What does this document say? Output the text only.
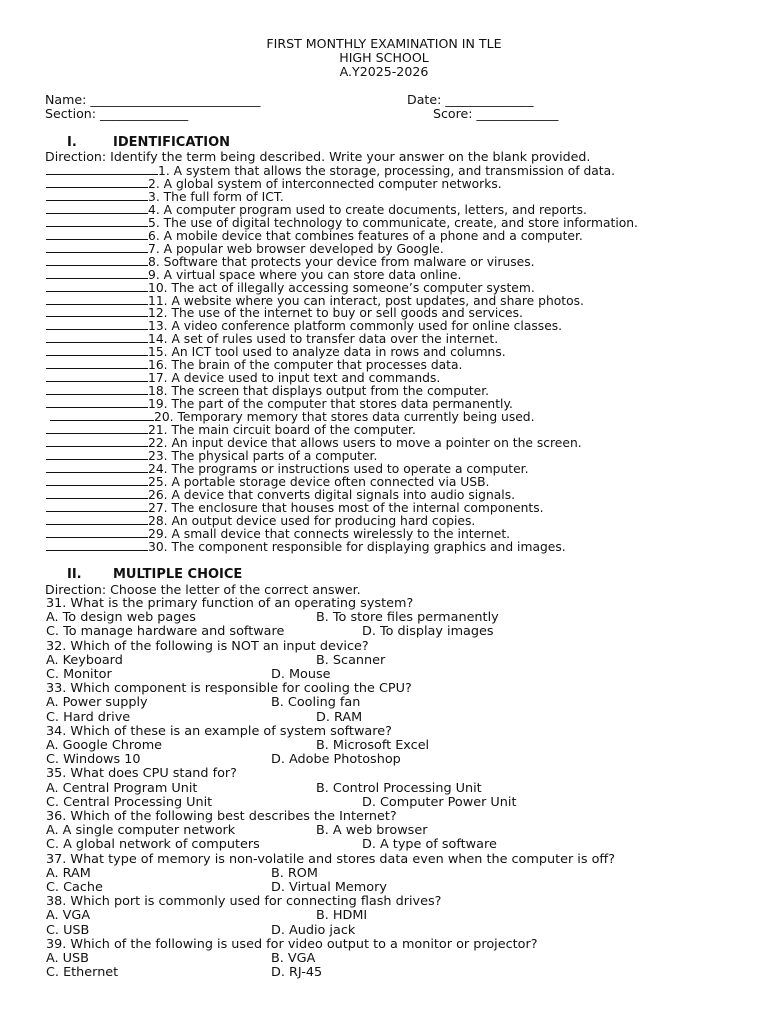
FIRST MONTHLY EXAMINATION IN TLE
HIGH SCHOOL
A.Y2025-2026
Name: ___________________________	Date: ______________
Section: ______________	Score: _____________
I.	IDENTIFICATION
Direction: Identify the term being described. Write your answer on the blank provided.
1. A system that allows the storage, processing, and transmission of data.
2. A global system of interconnected computer networks.
3. The full form of ICT.
4. A computer program used to create documents, letters, and reports.
5. The use of digital technology to communicate, create, and store information.
6. A mobile device that combines features of a phone and a computer.
7. A popular web browser developed by Google.
8. Software that protects your device from malware or viruses.
9. A virtual space where you can store data online.
10. The act of illegally accessing someone’s computer system.
11. A website where you can interact, post updates, and share photos.
12. The use of the internet to buy or sell goods and services.
13. A video conference platform commonly used for online classes.
14. A set of rules used to transfer data over the internet.
15. An ICT tool used to analyze data in rows and columns.
16. The brain of the computer that processes data.
17. A device used to input text and commands.
18. The screen that displays output from the computer.
19. The part of the computer that stores data permanently.
20. Temporary memory that stores data currently being used.
21. The main circuit board of the computer.
22. An input device that allows users to move a pointer on the screen.
23. The physical parts of a computer.
24. The programs or instructions used to operate a computer.
25. A portable storage device often connected via USB.
26. A device that converts digital signals into audio signals.
27. The enclosure that houses most of the internal components.
28. An output device used for producing hard copies.
29. A small device that connects wirelessly to the internet.
30. The component responsible for displaying graphics and images.
II. MULTIPLE CHOICE
Direction: Choose the letter of the correct answer.
31. What is the primary function of an operating system?
A. To design web pages	B. To store files permanently
C. To manage hardware and software	D. To display images
32. Which of the following is NOT an input device?
A. Keyboard	B. Scanner
C. Monitor	D. Mouse
33. Which component is responsible for cooling the CPU?
A. Power supply	B. Cooling fan
C. Hard drive	D. RAM
34. Which of these is an example of system software?
A. Google Chrome	B. Microsoft Excel
C. Windows 10	D. Adobe Photoshop
35. What does CPU stand for?
A. Central Program Unit	B. Control Processing Unit
C. Central Processing Unit	D. Computer Power Unit
36. Which of the following best describes the Internet?
A. A single computer network	B. A web browser
C. A global network of computers	D. A type of software
37. What type of memory is non-volatile and stores data even when the computer is off?
A. RAM	B. ROM
C. Cache	D. Virtual Memory
38. Which port is commonly used for connecting flash drives?
A. VGA	B. HDMI
C. USB	D. Audio jack
39. Which of the following is used for video output to a monitor or projector?
A. USB	B. VGA
C. Ethernet	D. RJ-45
